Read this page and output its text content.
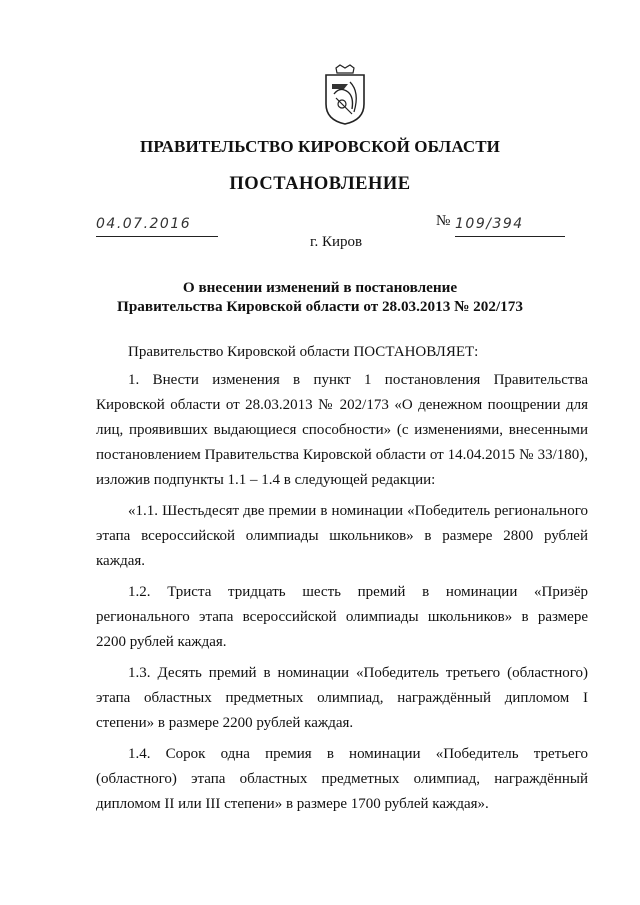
ПРАВИТЕЛЬСТВО КИРОВСКОЙ ОБЛАСТИ
ПОСТАНОВЛЕНИЕ
04.07.2016	№ 109/394
г. Киров
О внесении изменений в постановление
Правительства Кировской области от 28.03.2013 № 202/173

Правительство Кировской области ПОСТАНОВЛЯЕТ:

1. Внести изменения в пункт 1 постановления Правительства Кировской области от 28.03.2013 № 202/173 «О денежном поощрении для лиц, проявивших выдающиеся способности» (с изменениями, внесенными постановлением Правительства Кировской области от 14.04.2015 № 33/180), изложив подпункты 1.1 – 1.4 в следующей редакции:

«1.1. Шестьдесят две премии в номинации «Победитель регионального этапа всероссийской олимпиады школьников» в размере 2800 рублей каждая.

1.2. Триста тридцать шесть премий в номинации «Призёр регионального этапа всероссийской олимпиады школьников» в размере 2200 рублей каждая.

1.3. Десять премий в номинации «Победитель третьего (областного) этапа областных предметных олимпиад, награждённый дипломом I степени» в размере 2200 рублей каждая.

1.4. Сорок одна премия в номинации «Победитель третьего (областного) этапа областных предметных олимпиад, награждённый дипломом II или III степени» в размере 1700 рублей каждая».
